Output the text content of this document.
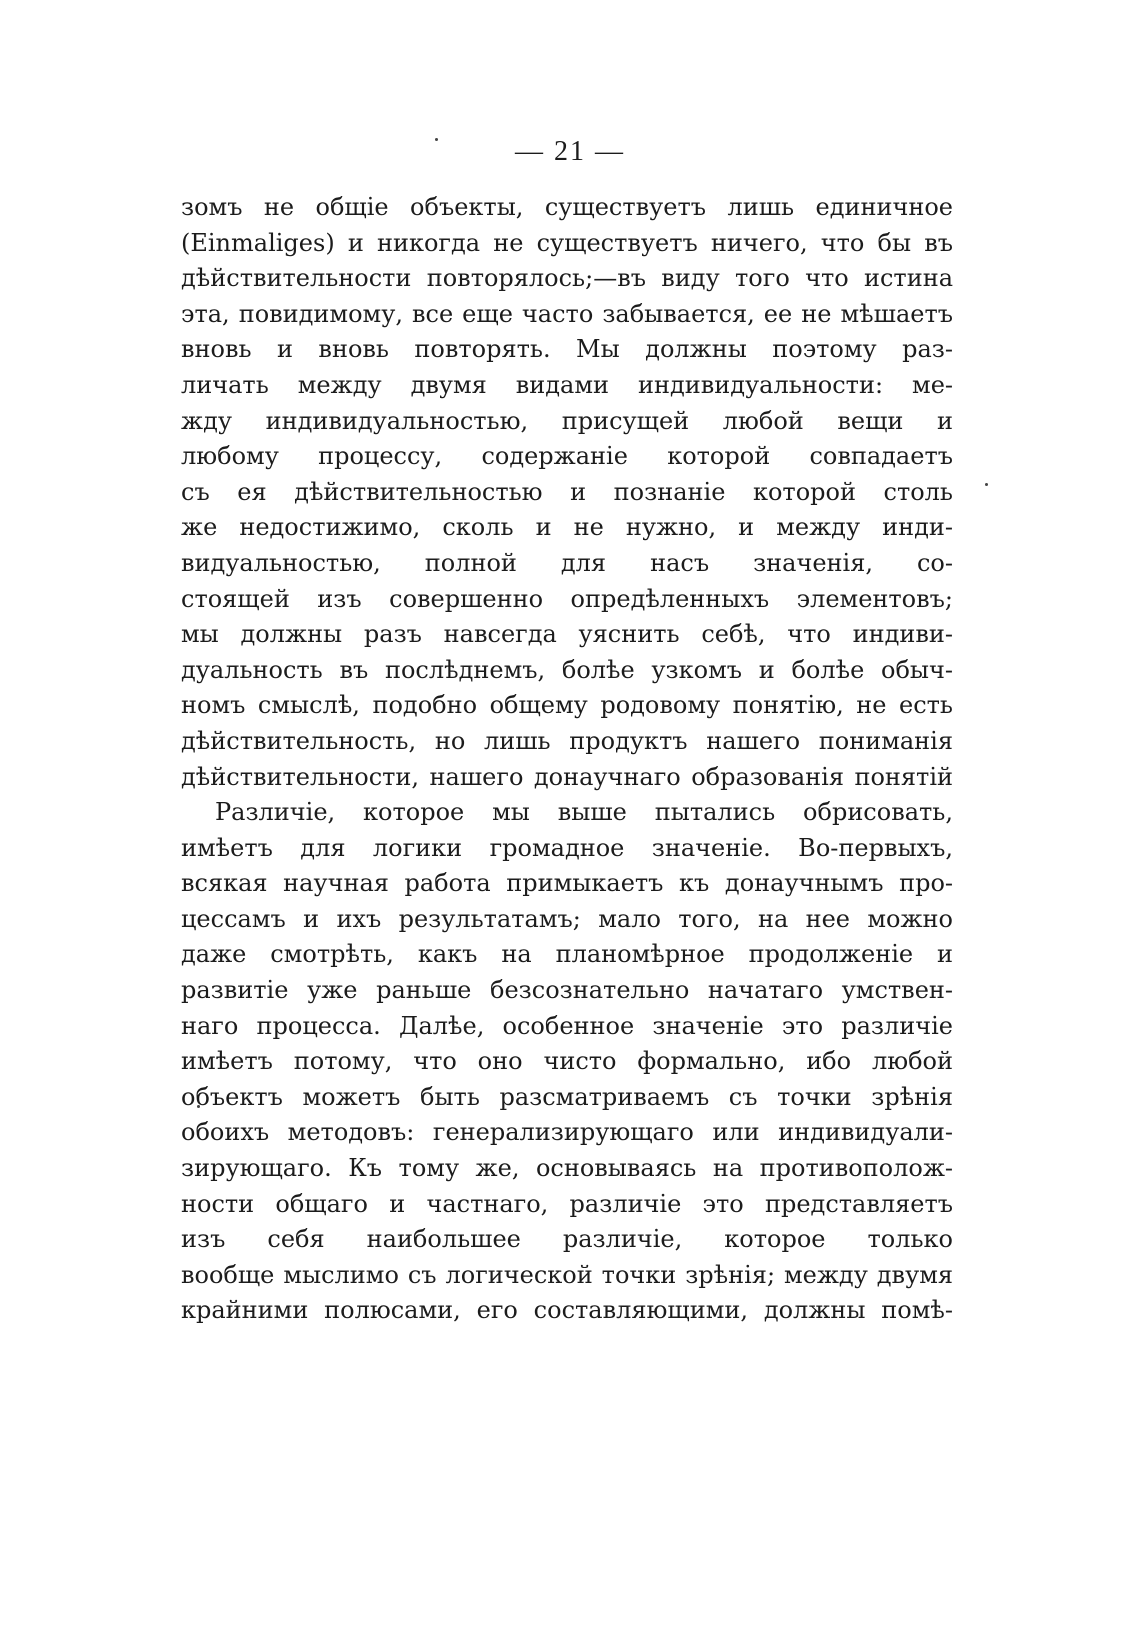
— 21 —
зомъ не общіе объекты, существуетъ лишь единичное
(Einmaliges) и никогда не существуетъ ничего, что бы въ
дѣйствительности повторялось;—въ виду того что истина
эта, повидимому, все еще часто забывается, ее не мѣшаетъ
вновь и вновь повторять. Мы должны поэтому раз-
личать между двумя видами индивидуальности: ме-
жду индивидуальностью, присущей любой вещи и
любому процессу, содержаніе которой совпадаетъ
съ ея дѣйствительностью и познаніе которой столь
же недостижимо, сколь и не нужно, и между инди-
видуальностью, полной для насъ значенія, со-
стоящей изъ совершенно опредѣленныхъ элементовъ;
мы должны разъ навсегда уяснить себѣ, что индиви-
дуальность въ послѣднемъ, болѣе узкомъ и болѣе обыч-
номъ смыслѣ, подобно общему родовому понятію, не есть
дѣйствительность, но лишь продуктъ нашего пониманія
дѣйствительности, нашего донаучнаго образованія понятій
Различіе, которое мы выше пытались обрисовать,
имѣетъ для логики громадное значеніе. Во-первыхъ,
всякая научная работа примыкаетъ къ донаучнымъ про-
цессамъ и ихъ результатамъ; мало того, на нее можно
даже смотрѣть, какъ на планомѣрное продолженіе и
развитіе уже раньше безсознательно начатаго умствен-
наго процесса. Далѣе, особенное значеніе это различіе
имѣетъ потому, что оно чисто формально, ибо любой
объектъ можетъ быть разсматриваемъ съ точки зрѣнія
обоихъ методовъ: генерализирующаго или индивидуали-
зирующаго. Къ тому же, основываясь на противополож-
ности общаго и частнаго, различіе это представляетъ
изъ себя наибольшее различіе, которое только
вообще мыслимо съ логической точки зрѣнія; между двумя
крайними полюсами, его составляющими, должны помѣ-
